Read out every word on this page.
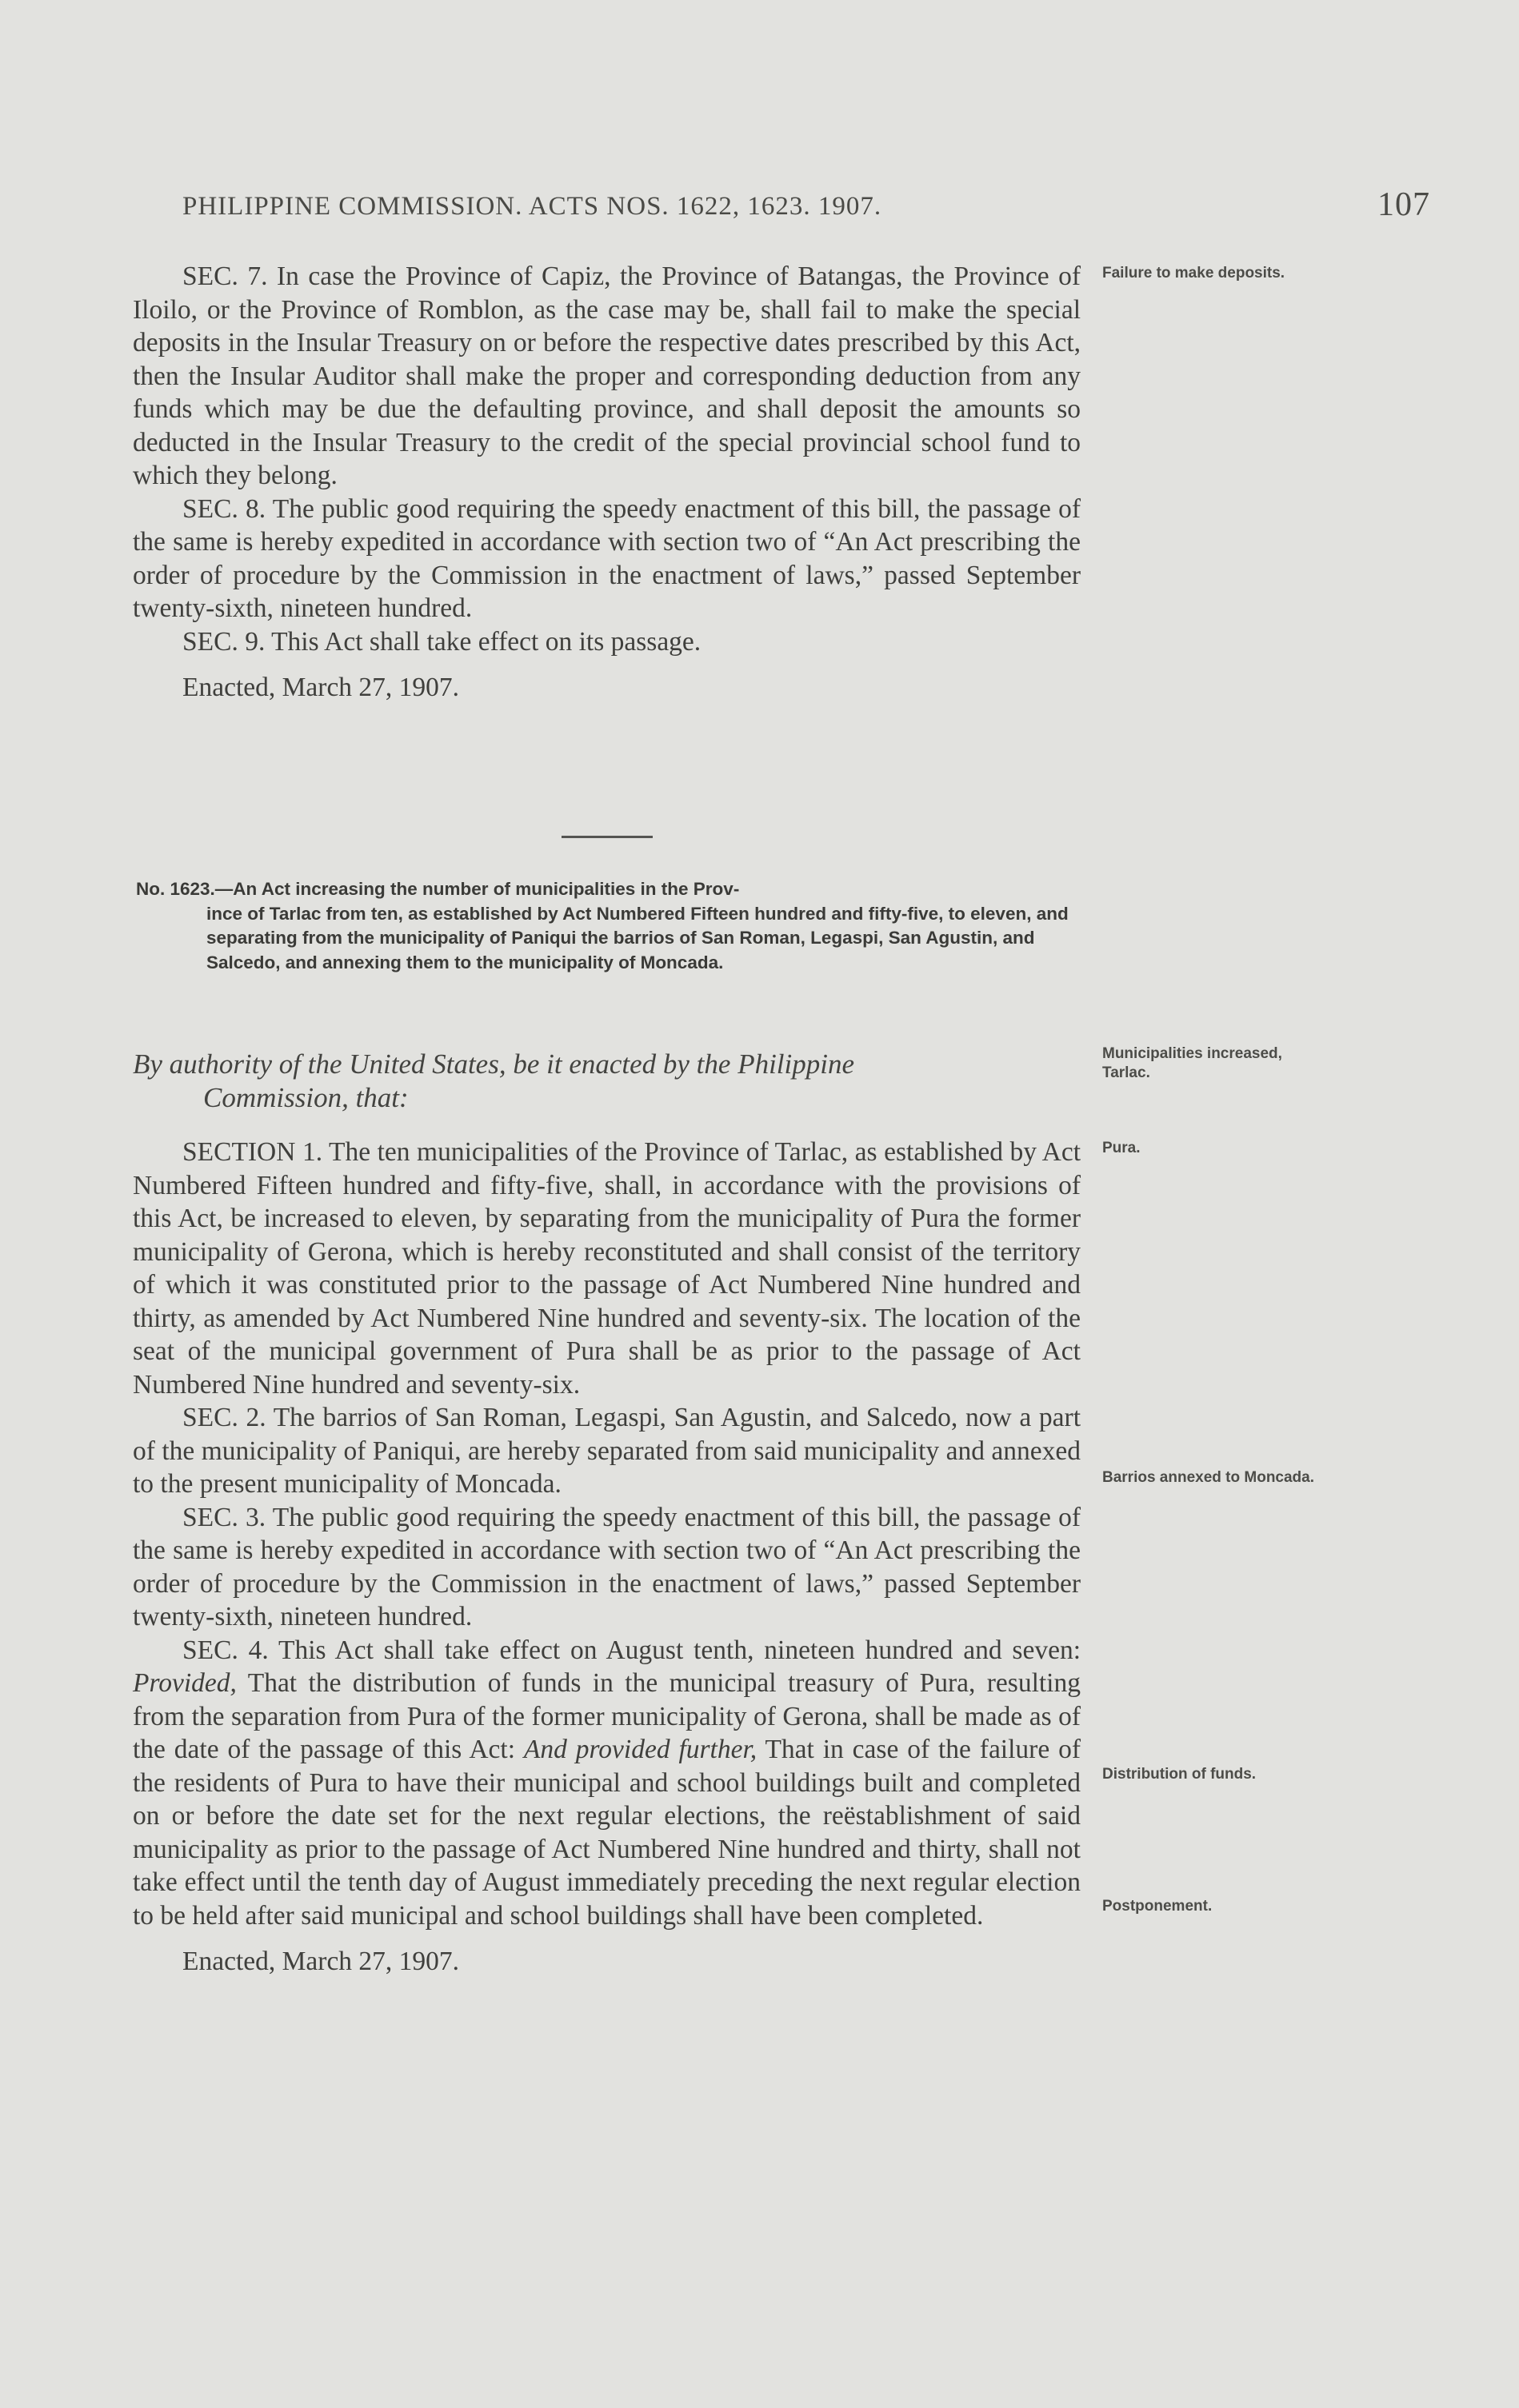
PHILIPPINE COMMISSION. ACTS NOS. 1622, 1623. 1907.	107

SEC. 7. In case the Province of Capiz, the Province of Batangas, the Province of Iloilo, or the Province of Romblon, as the case may be, shall fail to make the special deposits in the Insular Treasury on or before the respective dates prescribed by this Act, then the Insular Auditor shall make the proper and corresponding deduction from any funds which may be due the defaulting province, and shall deposit the amounts so deducted in the Insular Treasury to the credit of the special provincial school fund to which they belong.

SEC. 8. The public good requiring the speedy enactment of this bill, the passage of the same is hereby expedited in accordance with section two of “An Act prescribing the order of procedure by the Commission in the enactment of laws,” passed September twenty-sixth, nineteen hundred.

SEC. 9. This Act shall take effect on its passage.

Enacted, March 27, 1907.

Failure to make deposits.
No. 1623.—An Act increasing the number of municipalities in the Prov-
ince of Tarlac from ten, as established by Act Numbered Fifteen hundred and fifty-five, to eleven, and separating from the municipality of Paniqui the barrios of San Roman, Legaspi, San Agustin, and Salcedo, and annexing them to the municipality of Moncada.
By authority of the United States, be it enacted by the Philippine
Commission, that:
Municipalities increased, Tarlac.

SECTION 1. The ten municipalities of the Province of Tarlac, as established by Act Numbered Fifteen hundred and fifty-five, shall, in accordance with the provisions of this Act, be increased to eleven, by separating from the municipality of Pura the former municipality of Gerona, which is hereby reconstituted and shall consist of the territory of which it was constituted prior to the passage of Act Numbered Nine hundred and thirty, as amended by Act Numbered Nine hundred and seventy-six. The location of the seat of the municipal government of Pura shall be as prior to the passage of Act Numbered Nine hundred and seventy-six.

SEC. 2. The barrios of San Roman, Legaspi, San Agustin, and Salcedo, now a part of the municipality of Paniqui, are hereby separated from said municipality and annexed to the present municipality of Moncada.

SEC. 3. The public good requiring the speedy enactment of this bill, the passage of the same is hereby expedited in accordance with section two of “An Act prescribing the order of procedure by the Commission in the enactment of laws,” passed September twenty-sixth, nineteen hundred.

SEC. 4. This Act shall take effect on August tenth, nineteen hundred and seven: Provided, That the distribution of funds in the municipal treasury of Pura, resulting from the separation from Pura of the former municipality of Gerona, shall be made as of the date of the passage of this Act: And provided further, That in case of the failure of the residents of Pura to have their municipal and school buildings built and completed on or before the date set for the next regular elections, the reëstablishment of said municipality as prior to the passage of Act Numbered Nine hundred and thirty, shall not take effect until the tenth day of August immediately preceding the next regular election to be held after said municipal and school buildings shall have been completed.

Enacted, March 27, 1907.

Pura.
Barrios annexed to Moncada.
Distribution of funds.
Postponement.
